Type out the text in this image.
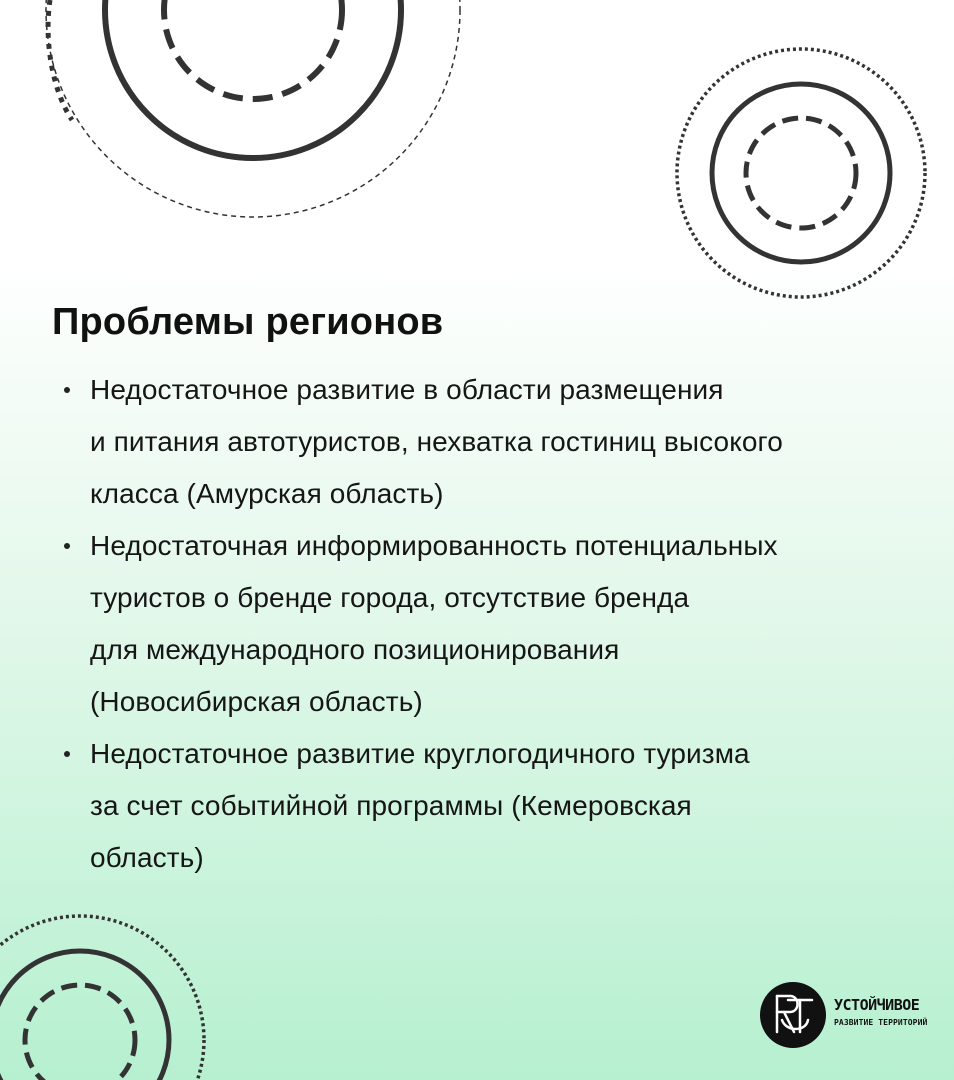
Проблемы регионов
Недостаточное развитие в области размещения
и питания автотуристов, нехватка гостиниц высокого
класса (Амурская область)
Недостаточная информированность потенциальных
туристов о бренде города, отсутствие бренда
для международного позиционирования
(Новосибирская область)
Недостаточное развитие круглогодичного туризма
за счет событийной программы (Кемеровская
область)
УСТОЙЧИВОЕ
РАЗВИТИЕ ТЕРРИТОРИЙ
